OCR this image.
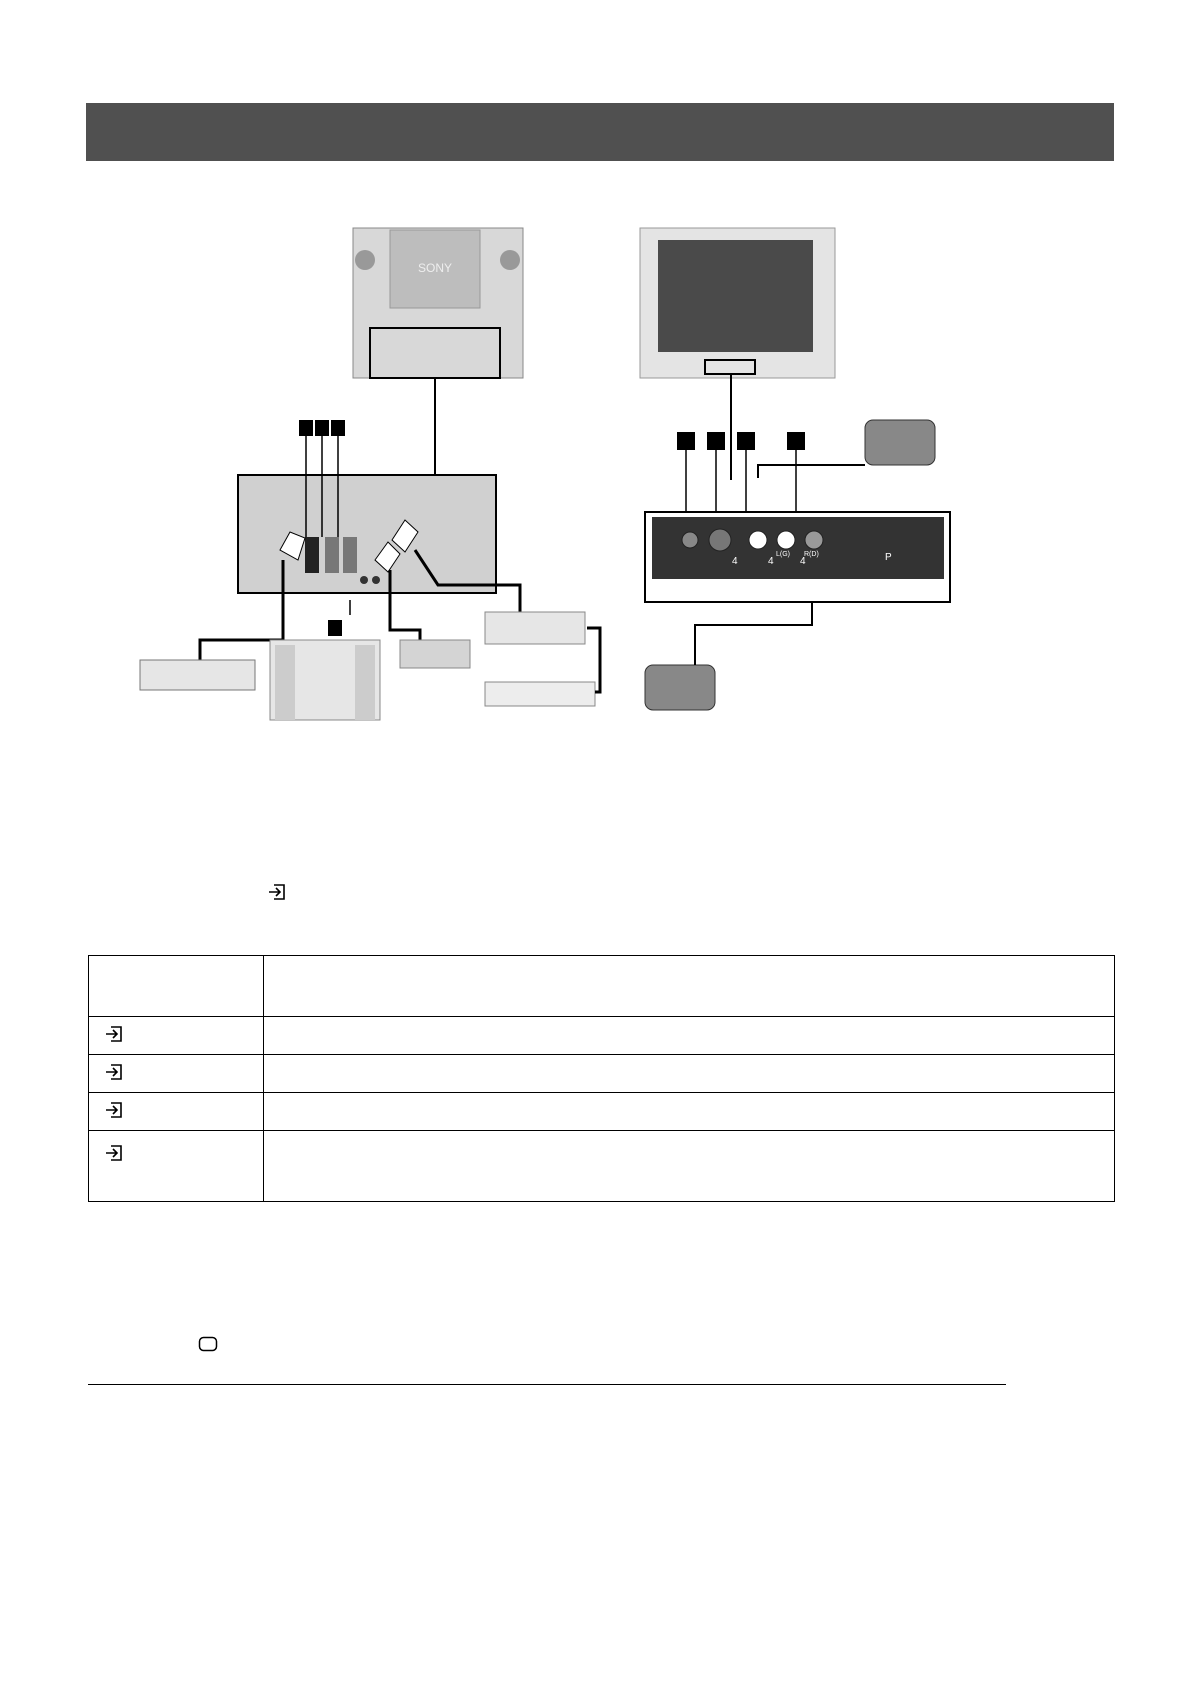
SONY
4	4
L(G)
4
R(D)	P
